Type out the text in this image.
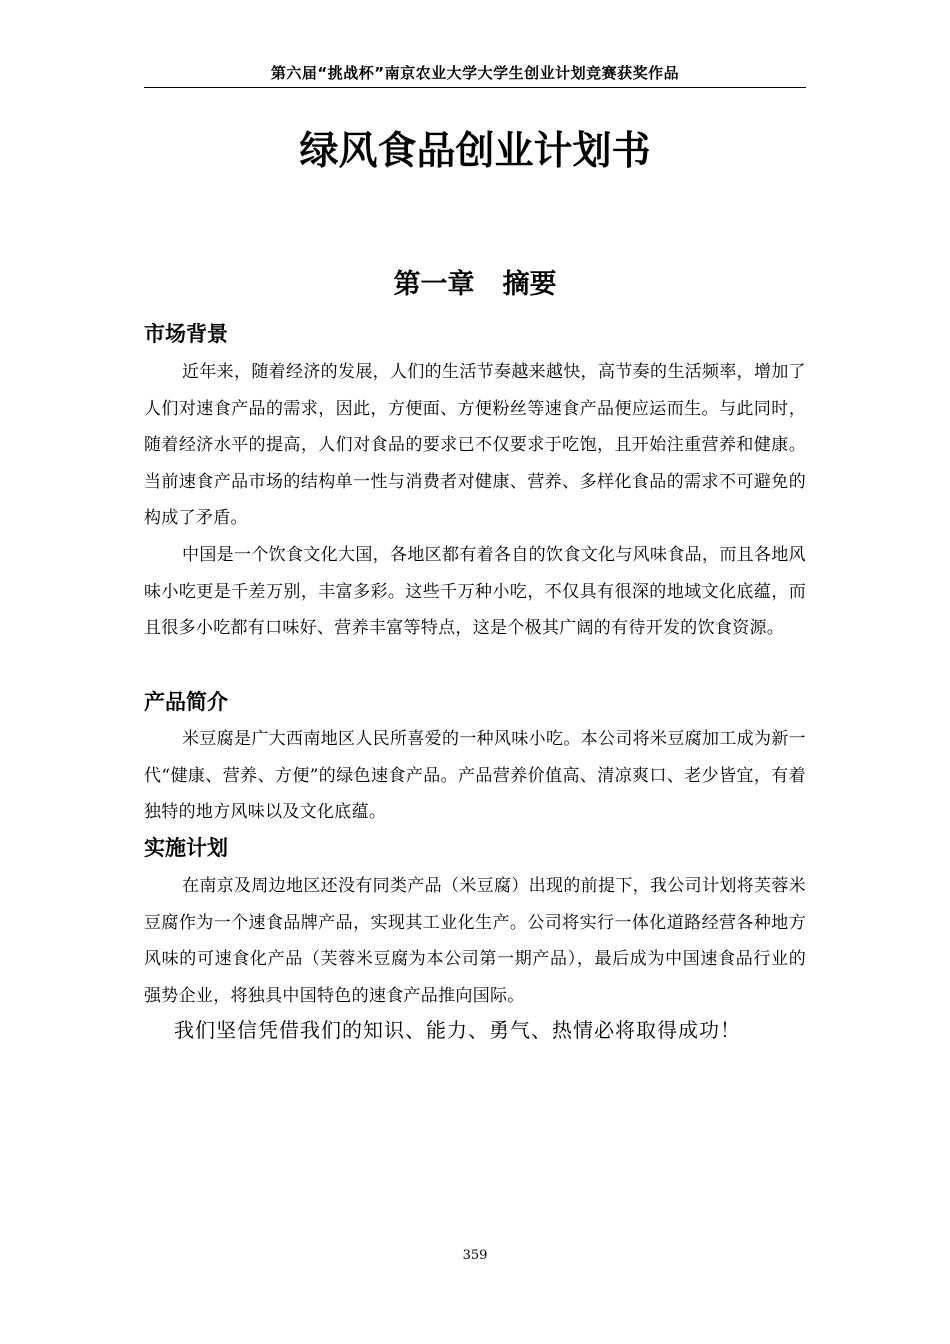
第六届“挑战杯”南京农业大学大学生创业计划竞赛获奖作品
绿风食品创业计划书
第一章 摘要
市场背景

近年来，随着经济的发展，人们的生活节奏越来越快，高节奏的生活频率，增加了人们对速食产品的需求，因此，方便面、方便粉丝等速食产品便应运而生。与此同时，随着经济水平的提高，人们对食品的要求已不仅要求于吃饱，且开始注重营养和健康。当前速食产品市场的结构单一性与消费者对健康、营养、多样化食品的需求不可避免的构成了矛盾。

中国是一个饮食文化大国，各地区都有着各自的饮食文化与风味食品，而且各地风味小吃更是千差万别，丰富多彩。这些千万种小吃，不仅具有很深的地域文化底蕴，而且很多小吃都有口味好、营养丰富等特点，这是个极其广阔的有待开发的饮食资源。

产品简介

米豆腐是广大西南地区人民所喜爱的一种风味小吃。本公司将米豆腐加工成为新一代“健康、营养、方便”的绿色速食产品。产品营养价值高、清凉爽口、老少皆宜，有着独特的地方风味以及文化底蕴。

实施计划

在南京及周边地区还没有同类产品（米豆腐）出现的前提下，我公司计划将芙蓉米豆腐作为一个速食品牌产品，实现其工业化生产。公司将实行一体化道路经营各种地方风味的可速食化产品（芙蓉米豆腐为本公司第一期产品），最后成为中国速食品行业的强势企业，将独具中国特色的速食产品推向国际。

我们坚信凭借我们的知识、能力、勇气、热情必将取得成功！

359
